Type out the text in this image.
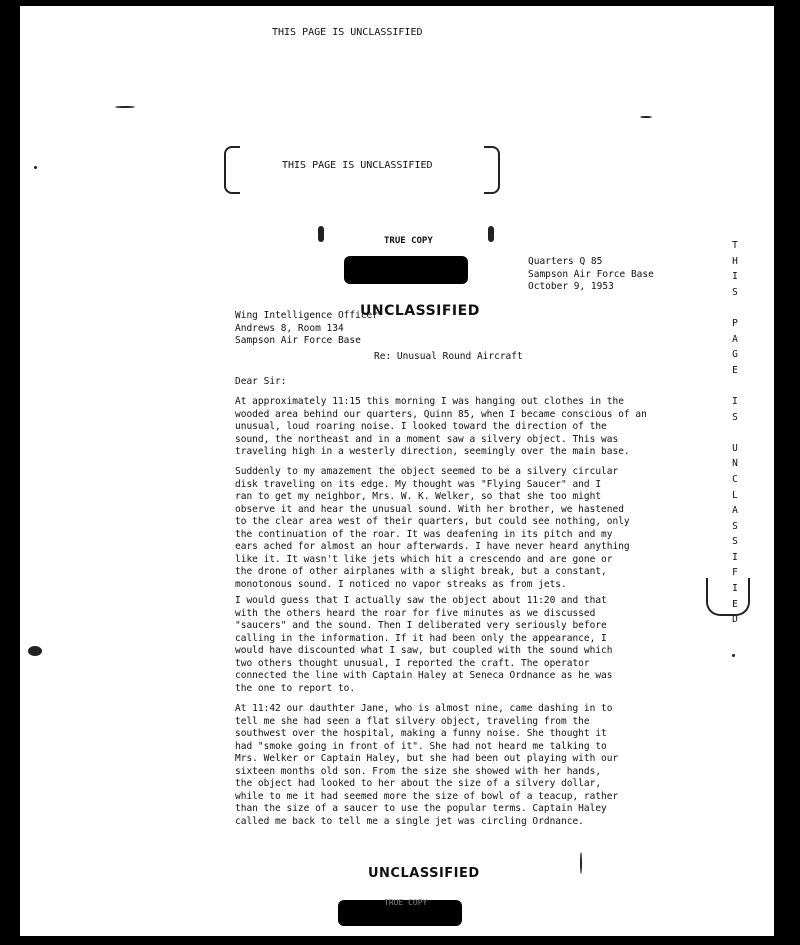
THIS PAGE IS UNCLASSIFIED
THIS PAGE IS UNCLASSIFIED
TRUE COPY
Quarters Q 85
Sampson Air Force Base
October 9, 1953
UNCLASSIFIED
Wing Intelligence Officer
Andrews 8, Room 134
Sampson Air Force Base
Re: Unusual Round Aircraft
Dear Sir:
At approximately 11:15 this morning I was hanging out clothes in the
wooded area behind our quarters, Quinn 85, when I became conscious of an
unusual, loud roaring noise. I looked toward the direction of the
sound, the northeast and in a moment saw a silvery object. This was
traveling high in a westerly direction, seemingly over the main base.
Suddenly to my amazement the object seemed to be a silvery circular
disk traveling on its edge. My thought was "Flying Saucer" and I
ran to get my neighbor, Mrs. W. K. Welker, so that she too might
observe it and hear the unusual sound. With her brother, we hastened
to the clear area west of their quarters, but could see nothing, only
the continuation of the roar. It was deafening in its pitch and my
ears ached for almost an hour afterwards. I have never heard anything
like it. It wasn't like jets which hit a crescendo and are gone or
the drone of other airplanes with a slight break, but a constant,
monotonous sound. I noticed no vapor streaks as from jets.
I would guess that I actually saw the object about 11:20 and that
with the others heard the roar for five minutes as we discussed
"saucers" and the sound. Then I deliberated very seriously before
calling in the information. If it had been only the appearance, I
would have discounted what I saw, but coupled with the sound which
two others thought unusual, I reported the craft. The operator
connected the line with Captain Haley at Seneca Ordnance as he was
the one to report to.
At 11:42 our dauthter Jane, who is almost nine, came dashing in to
tell me she had seen a flat silvery object, traveling from the
southwest over the hospital, making a funny noise. She thought it
had "smoke going in front of it". She had not heard me talking to
Mrs. Welker or Captain Haley, but she had been out playing with our
sixteen months old son. From the size she showed with her hands,
the object had looked to her about the size of a silvery dollar,
while to me it had seemed more the size of bowl of a teacup, rather
than the size of a saucer to use the popular terms. Captain Haley
called me back to tell me a single jet was circling Ordnance.
T
H
I
S
P
A
G
E
I
S
U
N
C
L
A
S
S
I
F
I
E
D
UNCLASSIFIED
TRUE COPY
